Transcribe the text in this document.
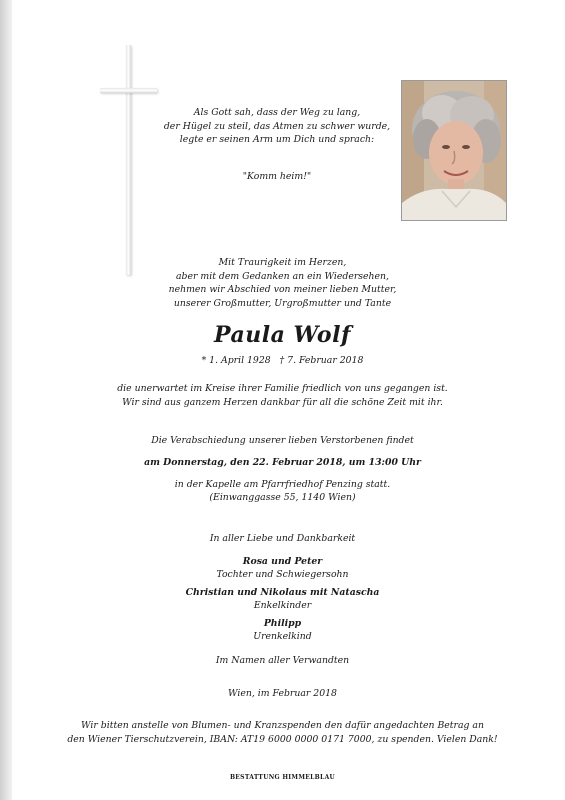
Als Gott sah, dass der Weg zu lang,
der Hügel zu steil, das Atmen zu schwer wurde,
legte er seinen Arm um Dich und sprach:
"Komm heim!"
Mit Traurigkeit im Herzen,
aber mit dem Gedanken an ein Wiedersehen,
nehmen wir Abschied von meiner lieben Mutter,
unserer Großmutter, Urgroßmutter und Tante
Paula Wolf
* 1. April 1928   † 7. Februar 2018
die unerwartet im Kreise ihrer Familie friedlich von uns gegangen ist.
Wir sind aus ganzem Herzen dankbar für all die schöne Zeit mit ihr.
Die Verabschiedung unserer lieben Verstorbenen findet
am Donnerstag, den 22. Februar 2018, um 13:00 Uhr
in der Kapelle am Pfarrfriedhof Penzing statt.
(Einwanggasse 55, 1140 Wien)
In aller Liebe und Dankbarkeit
Rosa und Peter
Tochter und Schwiegersohn
Christian und Nikolaus mit Natascha
Enkelkinder
Philipp
Urenkelkind
Im Namen aller Verwandten
Wien, im Februar 2018
Wir bitten anstelle von Blumen- und Kranzspenden den dafür angedachten Betrag an
den Wiener Tierschutzverein, IBAN: AT19 6000 0000 0171 7000, zu spenden. Vielen Dank!
BESTATTUNG HIMMELBLAU
